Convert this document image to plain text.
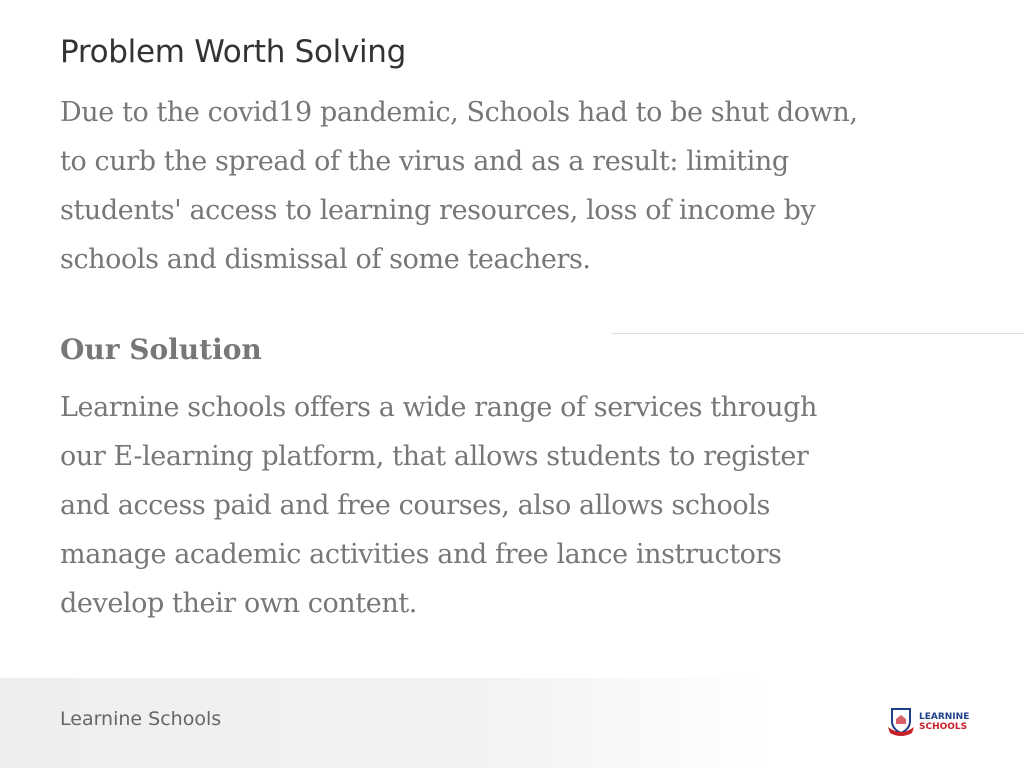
Problem Worth Solving
Due to the covid19 pandemic, Schools had to be shut down,
to curb the spread of the virus and as a result: limiting
students' access to learning resources, loss of income by
schools and dismissal of some teachers.
Our Solution
Learnine schools offers a wide range of services through
our E-learning platform, that allows students to register
and access paid and free courses, also allows schools
manage academic activities and free lance instructors
develop their own content.
Learnine Schools	LEARNINE
SCHOOLS
